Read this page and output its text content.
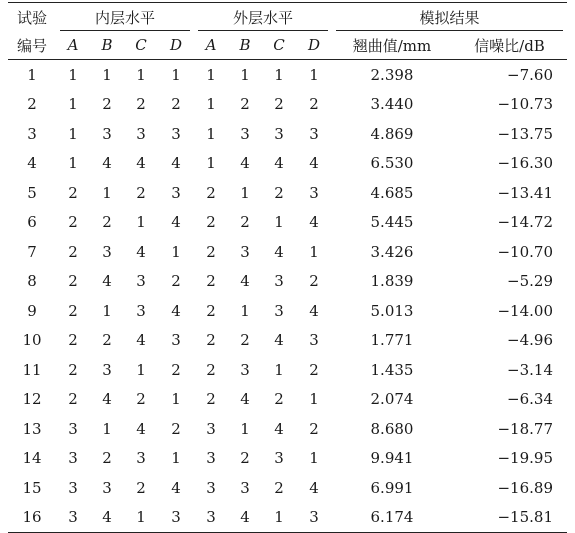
试验	内层水平				外层水平				模拟结果	
编号	A	B	C	D	A	B	C	D	翘曲值/mm	信噪比/dB
1	1	1	1	1	1	1	1	1	2.398	−7.60
2	1	2	2	2	1	2	2	2	3.440	−10.73
3	1	3	3	3	1	3	3	3	4.869	−13.75
4	1	4	4	4	1	4	4	4	6.530	−16.30
5	2	1	2	3	2	1	2	3	4.685	−13.41
6	2	2	1	4	2	2	1	4	5.445	−14.72
7	2	3	4	1	2	3	4	1	3.426	−10.70
8	2	4	3	2	2	4	3	2	1.839	−5.29
9	2	1	3	4	2	1	3	4	5.013	−14.00
10	2	2	4	3	2	2	4	3	1.771	−4.96
11	2	3	1	2	2	3	1	2	1.435	−3.14
12	2	4	2	1	2	4	2	1	2.074	−6.34
13	3	1	4	2	3	1	4	2	8.680	−18.77
14	3	2	3	1	3	2	3	1	9.941	−19.95
15	3	3	2	4	3	3	2	4	6.991	−16.89
16	3	4	1	3	3	4	1	3	6.174	−15.81
